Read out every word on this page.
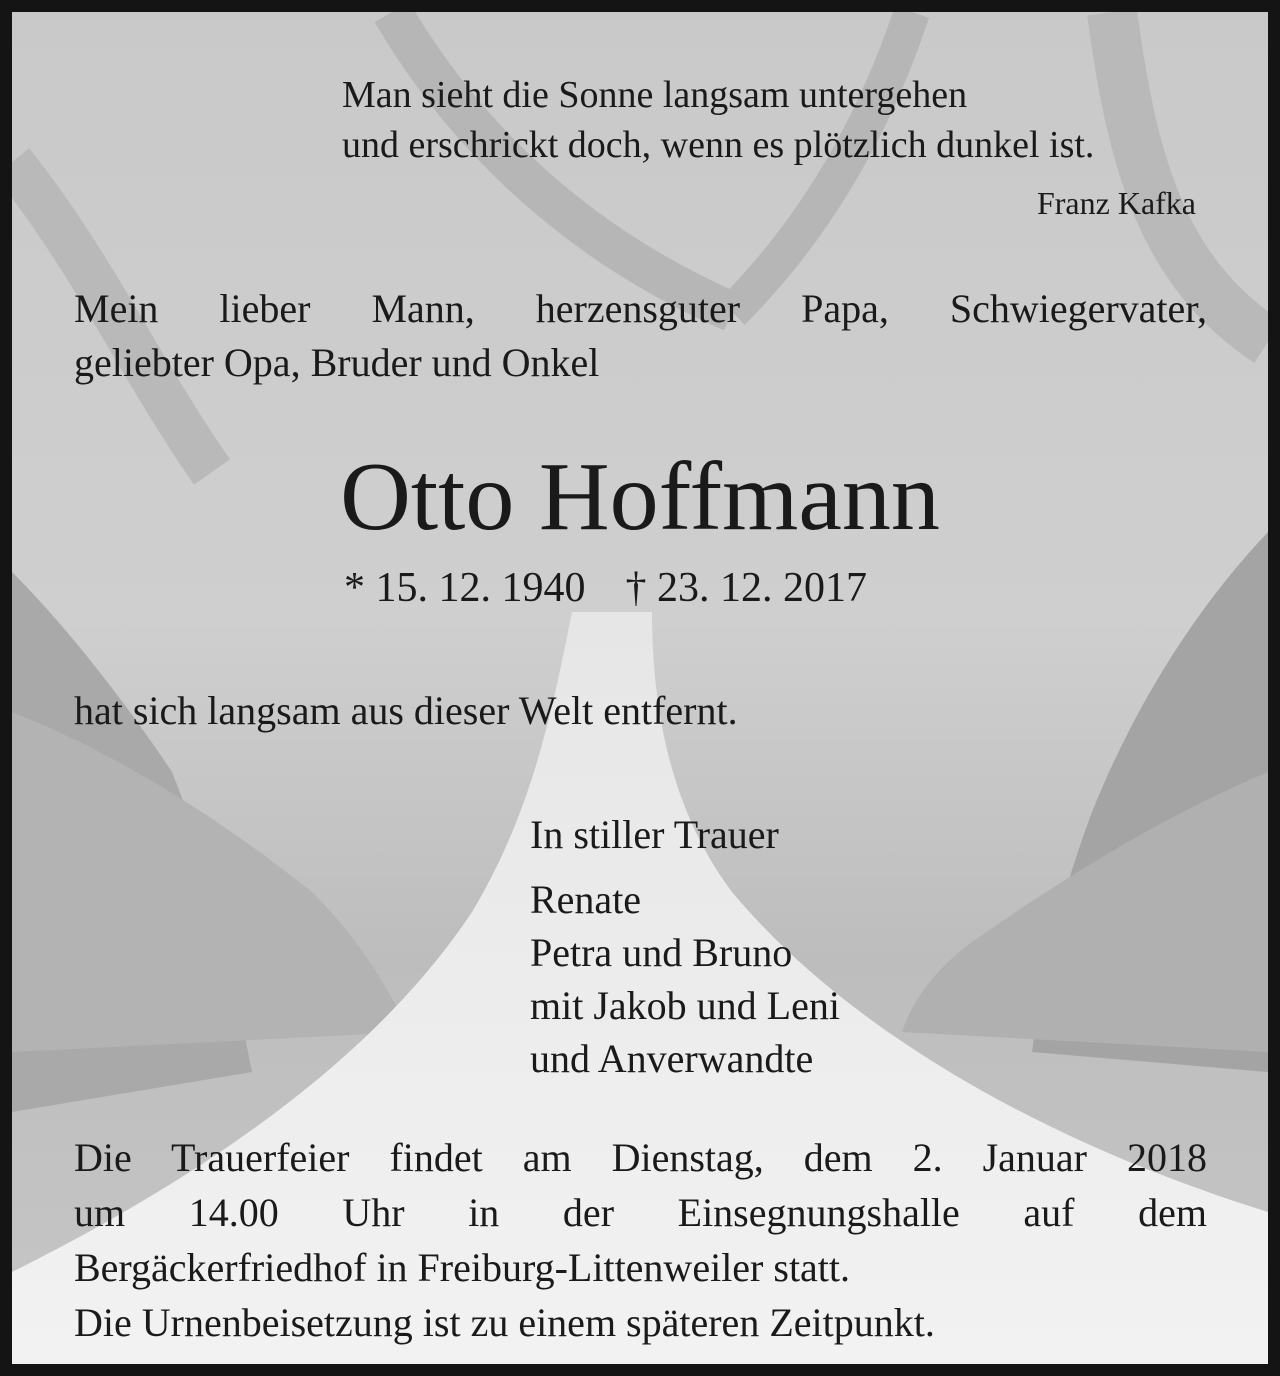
Man sieht die Sonne langsam untergehen
und erschrickt doch, wenn es plötzlich dunkel ist.
Franz Kafka
Mein lieber Mann, herzensguter Papa, Schwiegervater,
geliebter Opa, Bruder und Onkel
Otto Hoffmann
* 15. 12. 1940 † 23. 12. 2017
hat sich langsam aus dieser Welt entfernt.
In stiller Trauer
Renate
Petra und Bruno
mit Jakob und Leni
und Anverwandte
Die Trauerfeier findet am Dienstag, dem 2. Januar 2018
um 14.00 Uhr in der Einsegnungshalle auf dem
Bergäckerfriedhof in Freiburg-Littenweiler statt.
Die Urnenbeisetzung ist zu einem späteren Zeitpunkt.
